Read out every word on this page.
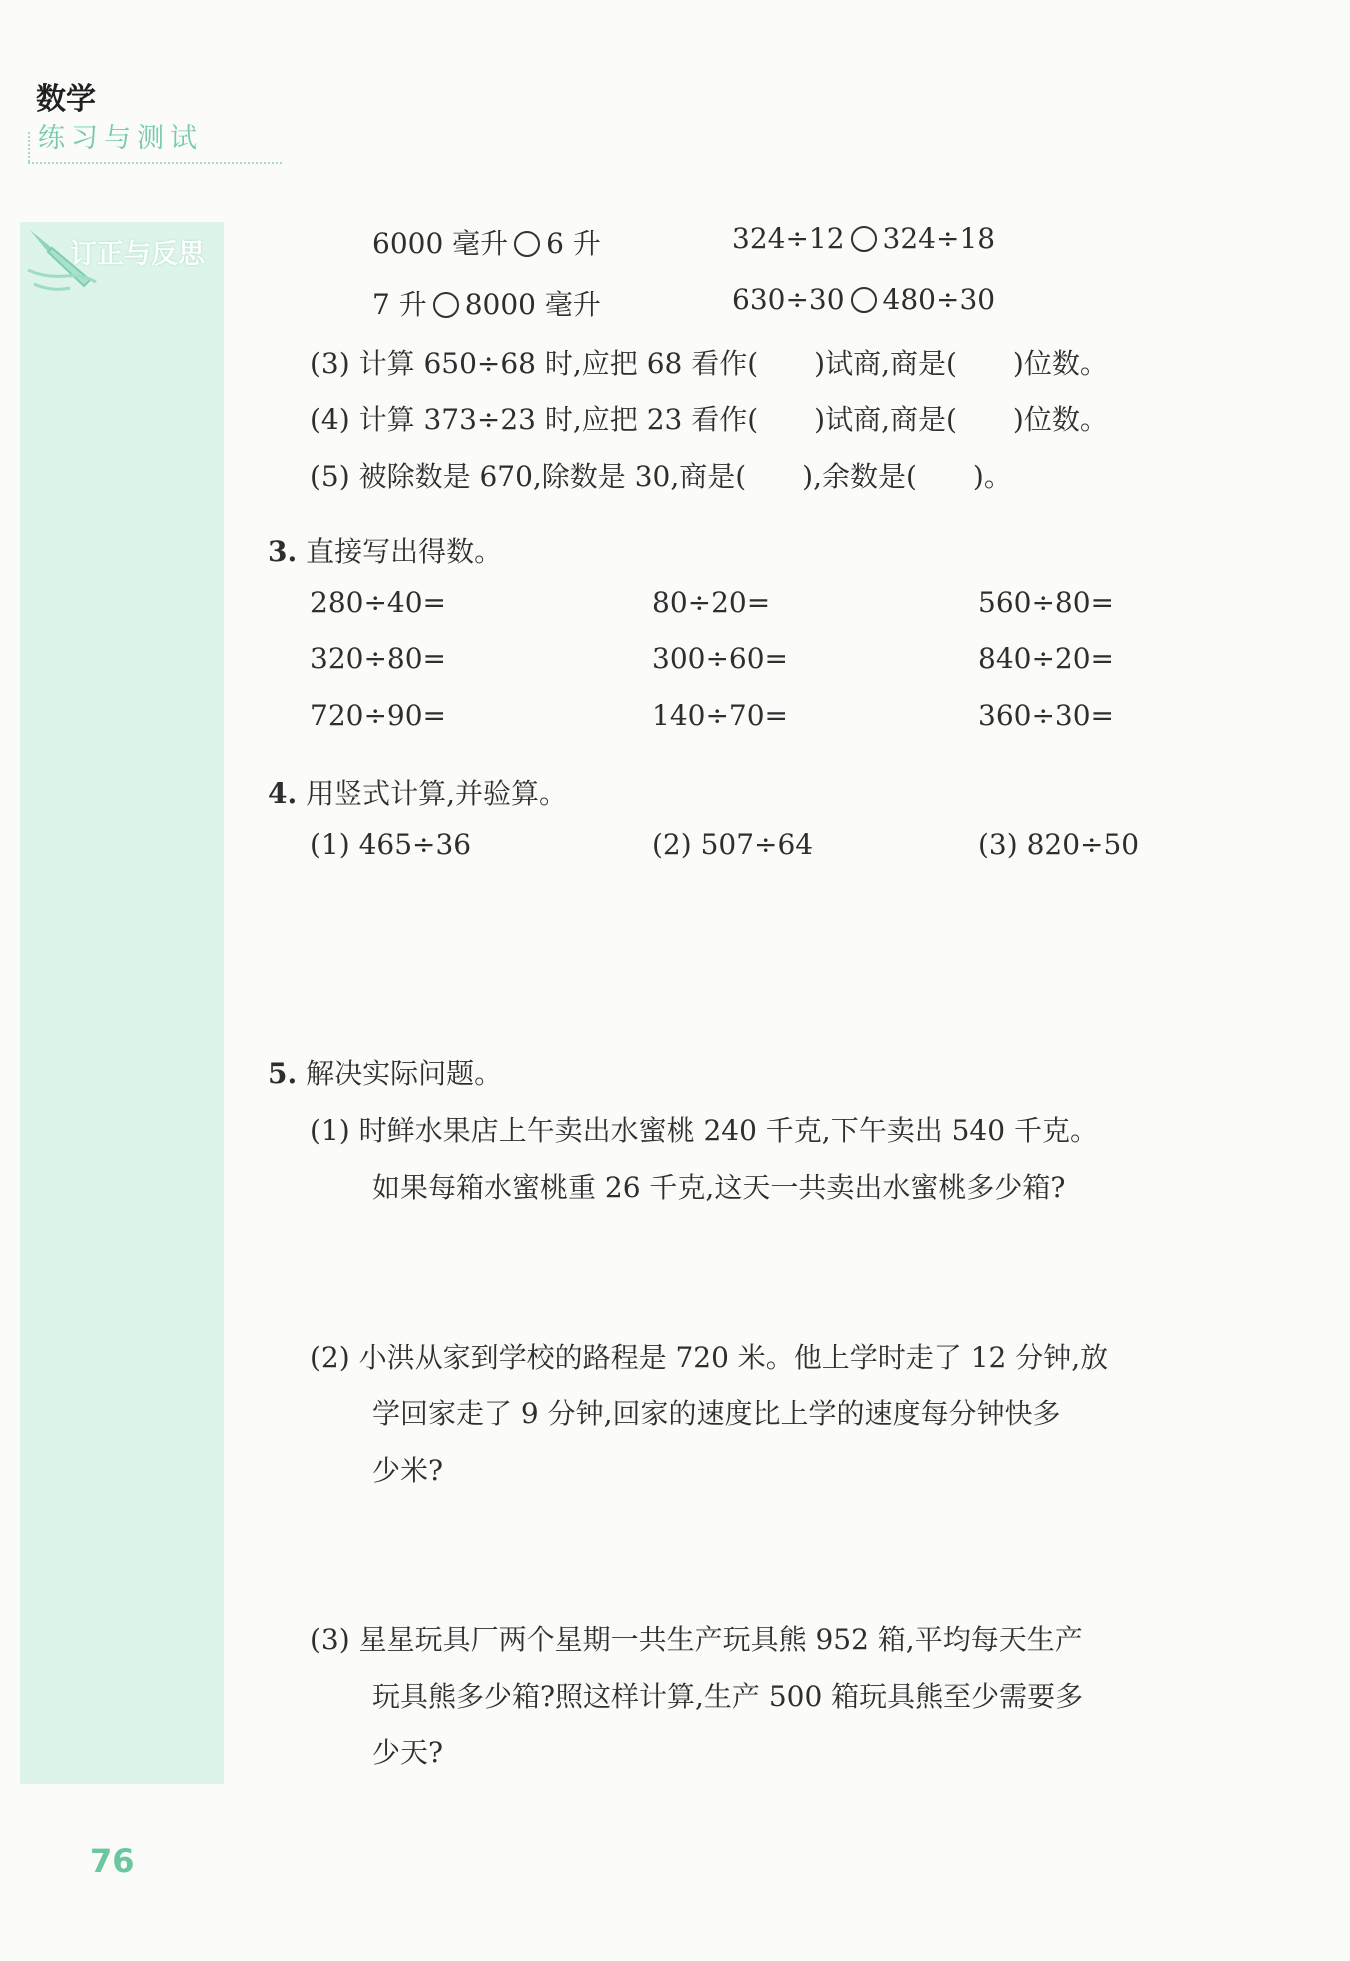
数学
练习与测试
订正与反思	6000 毫升 6 升	324÷12 324÷18
7 升 8000 毫升	630÷30 480÷30
(3) 计算 650÷68 时,应把 68 看作(　　)试商,商是(　　)位数。
(4) 计算 373÷23 时,应把 23 看作(　　)试商,商是(　　)位数。
(5) 被除数是 670,除数是 30,商是(　　),余数是(　　)。
3. 直接写出得数。
280÷40=	80÷20=	560÷80=
320÷80=	300÷60=	840÷20=
720÷90=	140÷70=	360÷30=
4. 用竖式计算,并验算。
(1) 465÷36	(2) 507÷64	(3) 820÷50
5. 解决实际问题。
(1) 时鲜水果店上午卖出水蜜桃 240 千克,下午卖出 540 千克。
如果每箱水蜜桃重 26 千克,这天一共卖出水蜜桃多少箱?
(2) 小洪从家到学校的路程是 720 米。他上学时走了 12 分钟,放
学回家走了 9 分钟,回家的速度比上学的速度每分钟快多
少米?
(3) 星星玩具厂两个星期一共生产玩具熊 952 箱,平均每天生产
玩具熊多少箱?照这样计算,生产 500 箱玩具熊至少需要多
少天?
76
